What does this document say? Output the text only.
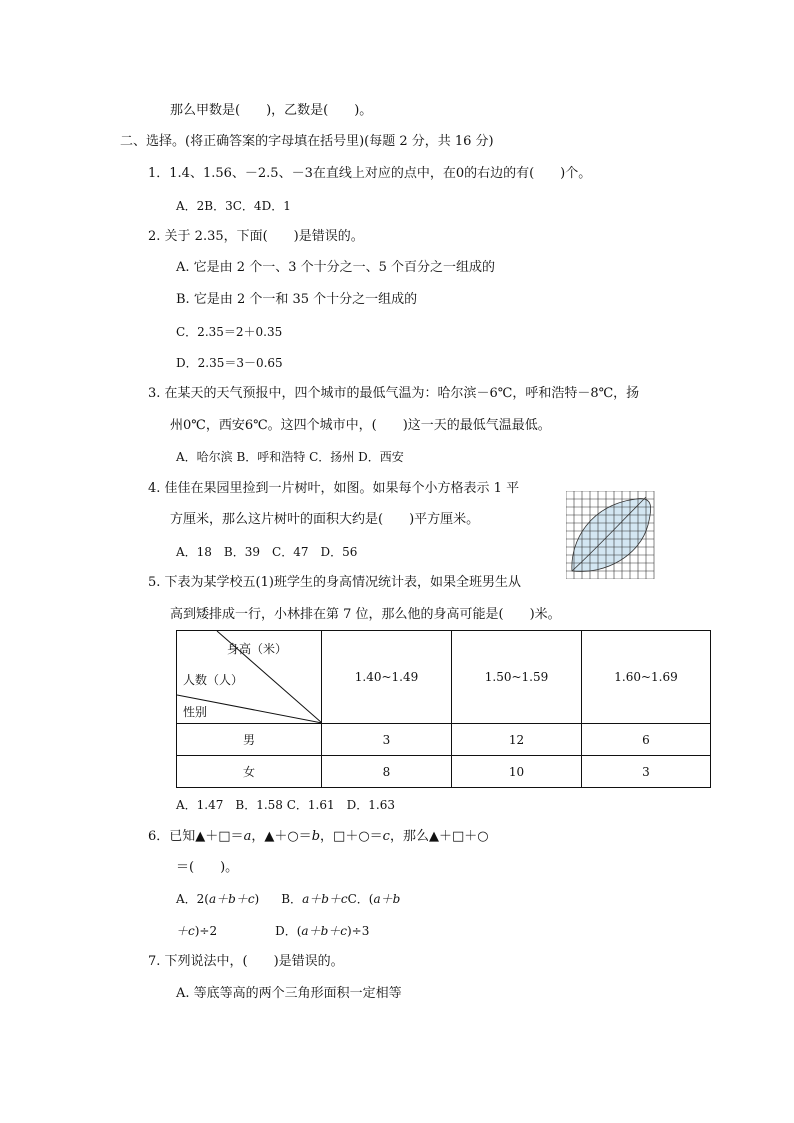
那么甲数是(　　)，乙数是(　　)。
二、选择。(将正确答案的字母填在括号里)(每题 2 分，共 16 分)
1．1.4、1.56、－2.5、－3在直线上对应的点中，在0的右边的有(　　)个。
A．2B．3C．4D．1
2. 关于 2.35，下面(　　)是错误的。
A. 它是由 2 个一、3 个十分之一、5 个百分之一组成的
B. 它是由 2 个一和 35 个十分之一组成的
C．2.35＝2＋0.35
D．2.35＝3－0.65
3. 在某天的天气预报中，四个城市的最低气温为：哈尔滨－6℃，呼和浩特－8℃，扬
州0℃，西安6℃。这四个城市中，(　　)这一天的最低气温最低。
A．哈尔滨 B．呼和浩特 C．扬州 D．西安
4. 佳佳在果园里捡到一片树叶，如图。如果每个小方格表示 1 平
方厘米，那么这片树叶的面积大约是(　　)平方厘米。
A．18　B．39　C．47　D．56
5. 下表为某学校五(1)班学生的身高情况统计表，如果全班男生从
高到矮排成一行，小林排在第 7 位，那么他的身高可能是(　　)米。
身高（米）
人数（人）
性别	1.40~1.49	1.50~1.59	1.60~1.69
男	3	12	6
女	8	10	3
A．1.47　B．1.58 C．1.61　D．1.63
6．已知▲＋□＝a，▲＋○＝b，□＋○＝c，那么▲＋□＋○
＝(　　)。
A．2(a＋b＋c) B．a＋b＋cC．(a＋b
＋c)÷2	D．(a＋b＋c)÷3
7. 下列说法中，(　　)是错误的。
A. 等底等高的两个三角形面积一定相等
